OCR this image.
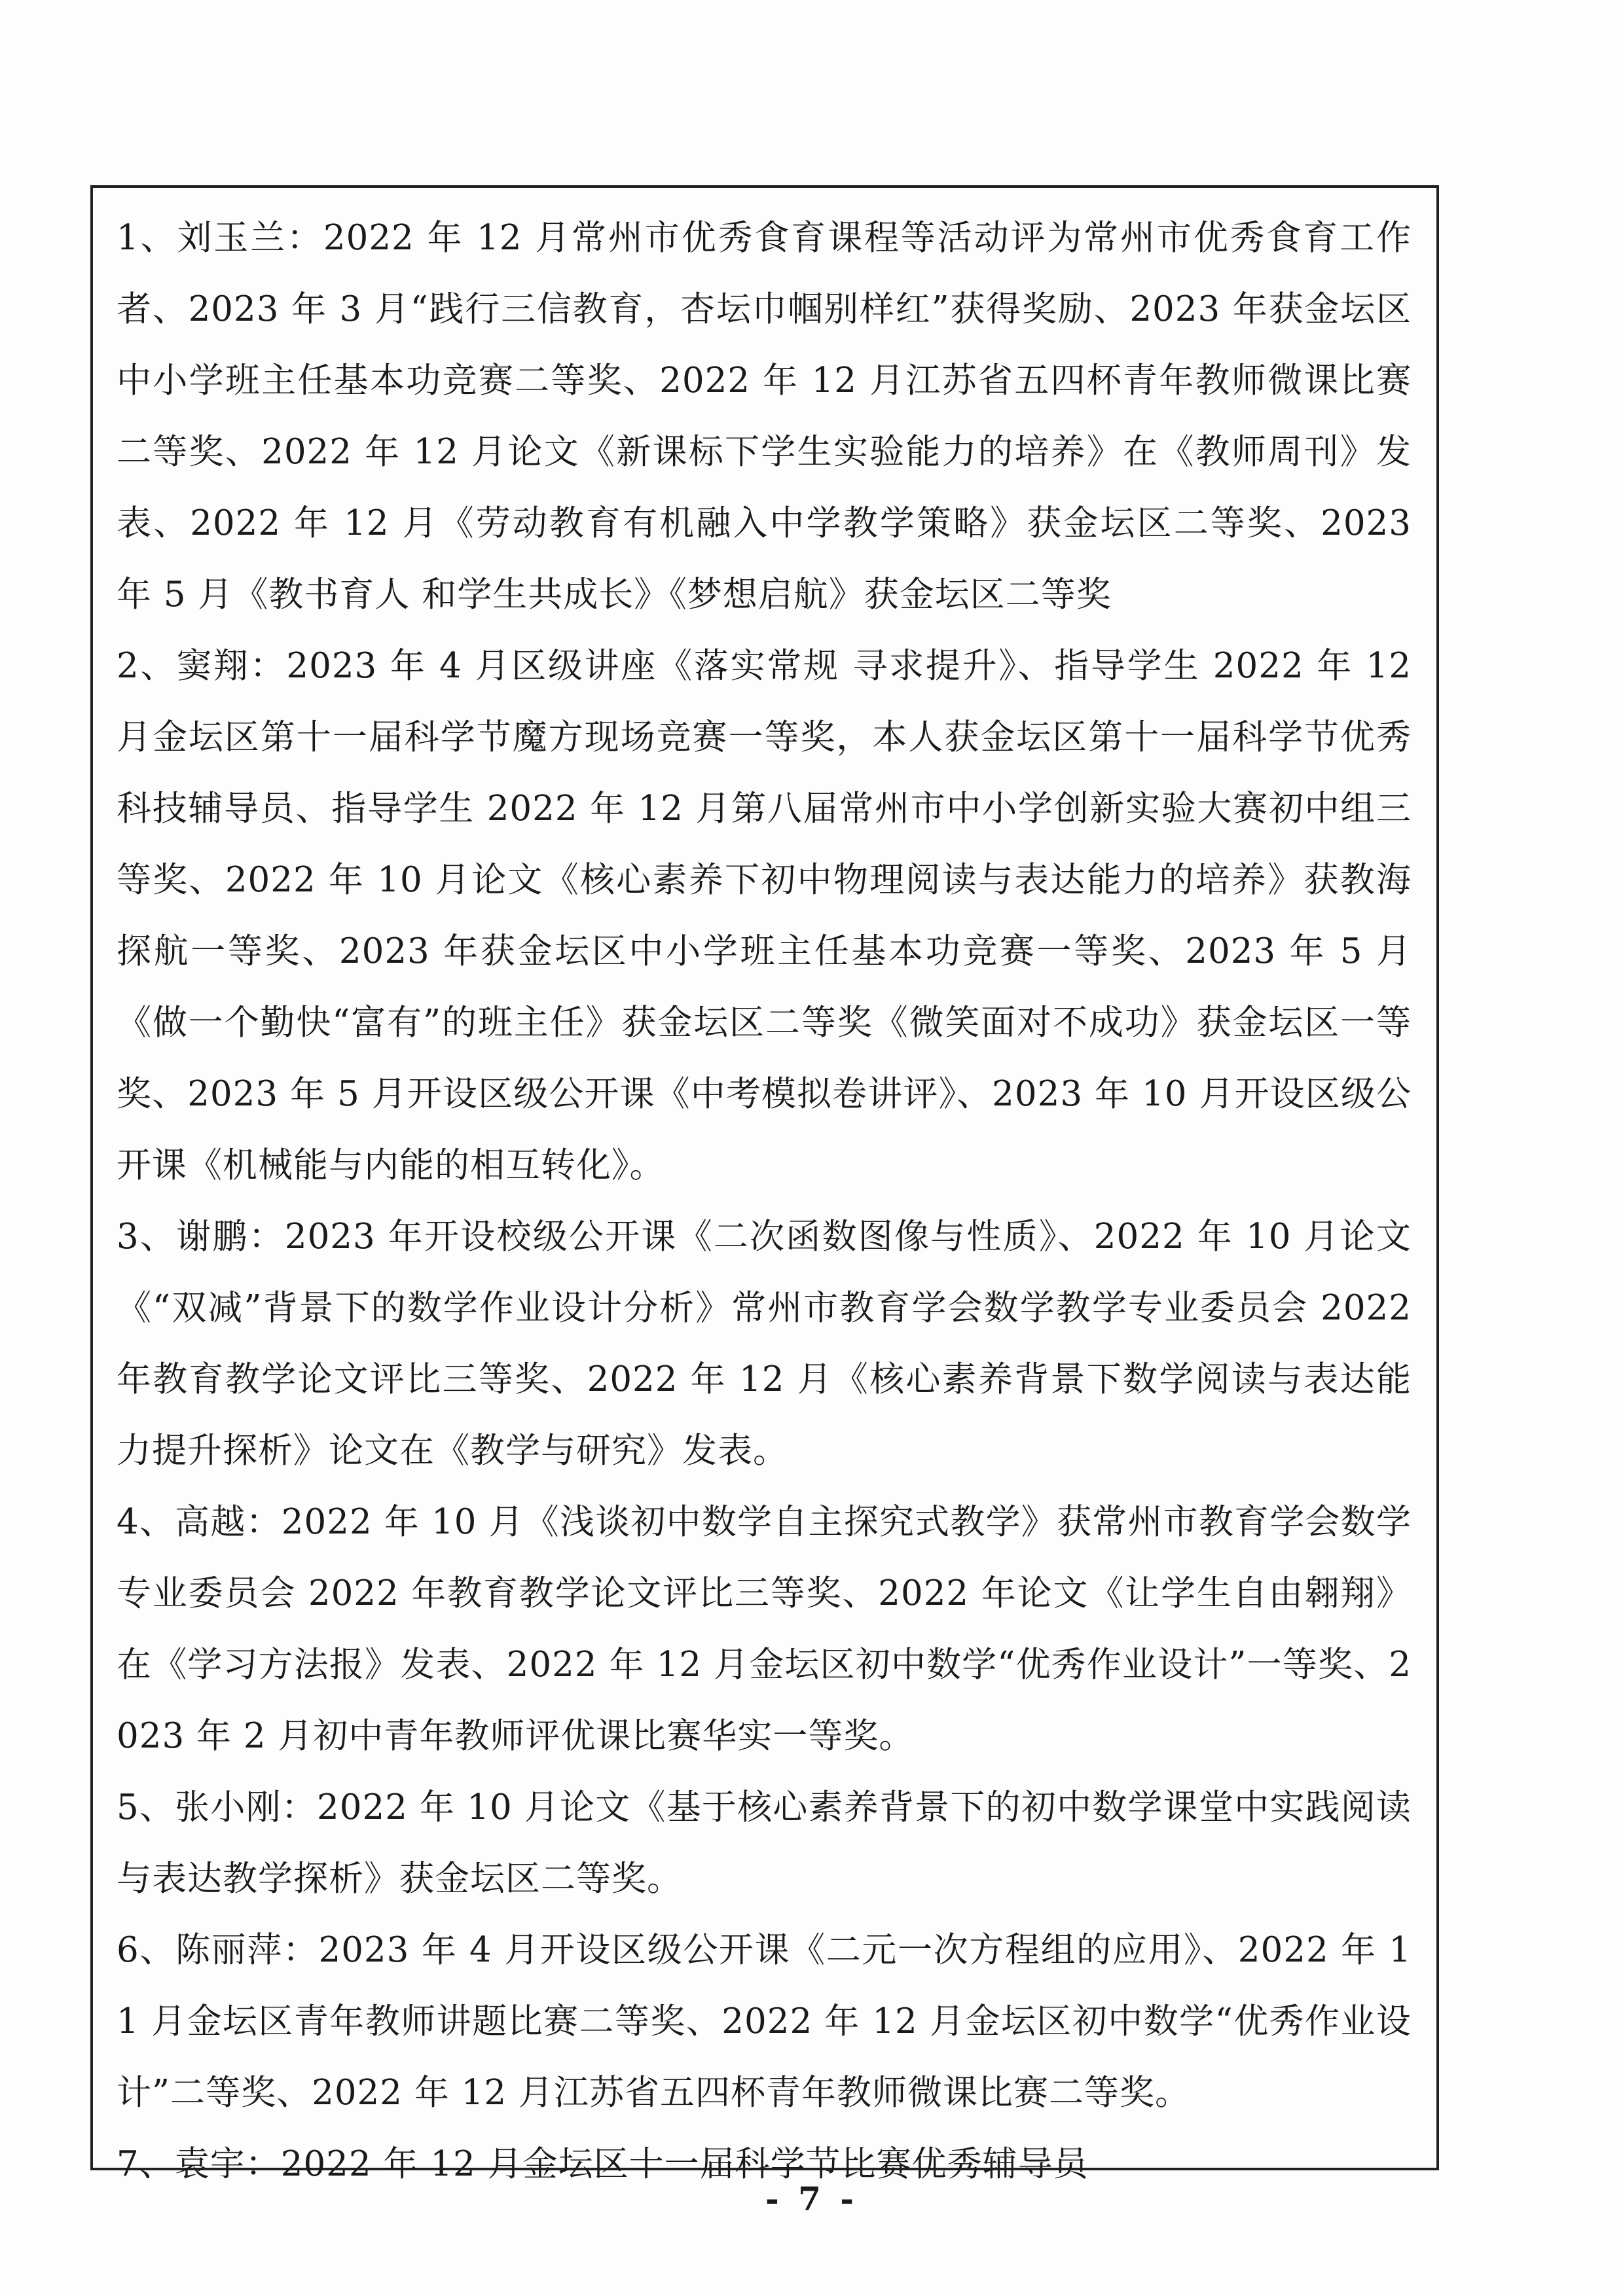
1、刘玉兰：2022 年 12 月常州市优秀食育课程等活动评为常州市优秀食育工作者、2023 年 3 月“践行三信教育，杏坛巾帼别样红”获得奖励、2023 年获金坛区中小学班主任基本功竞赛二等奖、2022 年 12 月江苏省五四杯青年教师微课比赛二等奖、2022 年 12 月论文《新课标下学生实验能力的培养》在《教师周刊》发表、2022 年 12 月《劳动教育有机融入中学教学策略》获金坛区二等奖、2023 年 5 月《教书育人 和学生共成长》《梦想启航》获金坛区二等奖

2、窦翔：2023 年 4 月区级讲座《落实常规 寻求提升》、指导学生 2022 年 12 月金坛区第十一届科学节魔方现场竞赛一等奖，本人获金坛区第十一届科学节优秀科技辅导员、指导学生 2022 年 12 月第八届常州市中小学创新实验大赛初中组三等奖、2022 年 10 月论文《核心素养下初中物理阅读与表达能力的培养》获教海探航一等奖、2023 年获金坛区中小学班主任基本功竞赛一等奖、2023 年 5 月《做一个勤快“富有”的班主任》获金坛区二等奖《微笑面对不成功》获金坛区一等奖、2023 年 5 月开设区级公开课《中考模拟卷讲评》、2023 年 10 月开设区级公开课《机械能与内能的相互转化》。

3、谢鹏：2023 年开设校级公开课《二次函数图像与性质》、2022 年 10 月论文《“双减”背景下的数学作业设计分析》常州市教育学会数学教学专业委员会 2022 年教育教学论文评比三等奖、2022 年 12 月《核心素养背景下数学阅读与表达能力提升探析》论文在《教学与研究》发表。

4、高越：2022 年 10 月《浅谈初中数学自主探究式教学》获常州市教育学会数学专业委员会 2022 年教育教学论文评比三等奖、2022 年论文《让学生自由翱翔》在《学习方法报》发表、2022 年 12 月金坛区初中数学“优秀作业设计”一等奖、2023 年 2 月初中青年教师评优课比赛华实一等奖。

5、张小刚：2022 年 10 月论文《基于核心素养背景下的初中数学课堂中实践阅读与表达教学探析》获金坛区二等奖。

6、陈丽萍：2023 年 4 月开设区级公开课《二元一次方程组的应用》、2022 年 11 月金坛区青年教师讲题比赛二等奖、2022 年 12 月金坛区初中数学“优秀作业设计”二等奖、2022 年 12 月江苏省五四杯青年教师微课比赛二等奖。

7、袁宇：2022 年 12 月金坛区十一届科学节比赛优秀辅导员

- 7 -
